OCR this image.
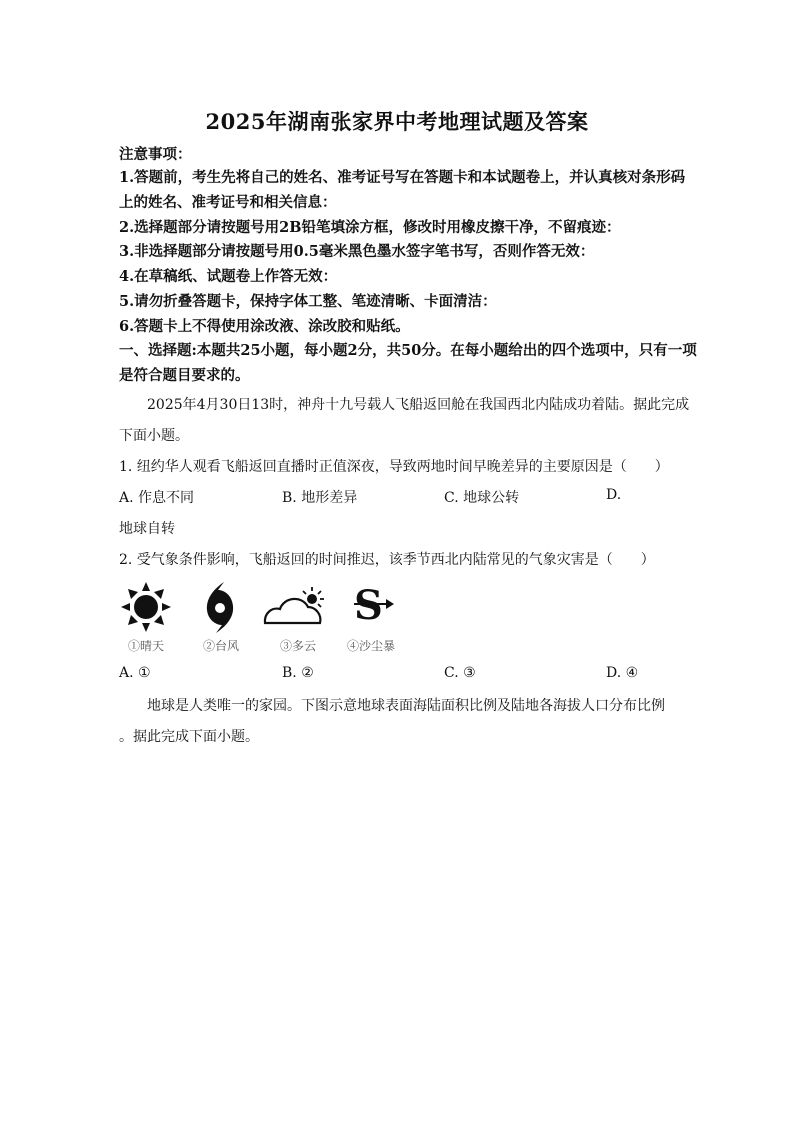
2025年湖南张家界中考地理试题及答案
注意事项：
1.答题前，考生先将自己的姓名、准考证号写在答题卡和本试题卷上，并认真核对条形码
上的姓名、准考证号和相关信息：
2.选择题部分请按题号用2B铅笔填涂方框，修改时用橡皮擦干净，不留痕迹：
3.非选择题部分请按题号用0.5毫米黑色墨水签字笔书写，否则作答无效：
4.在草稿纸、试题卷上作答无效：
5.请勿折叠答题卡，保持字体工整、笔迹清晰、卡面清洁：
6.答题卡上不得使用涂改液、涂改胶和贴纸。
一、选择题:本题共25小题，每小题2分，共50分。在每小题给出的四个选项中，只有一项
是符合题目要求的。
2025年4月30日13时，神舟十九号载人飞船返回舱在我国西北内陆成功着陆。据此完成
下面小题。
1. 纽约华人观看飞船返回直播时正值深夜，导致两地时间早晚差异的主要原因是（　　）
A. 作息不同	B. 地形差异	C. 地球公转	D.
地球自转
2. 受气象条件影响，飞船返回的时间推迟，该季节西北内陆常见的气象灾害是（　　）
①晴天	②台风	③多云
S
④沙尘暴
A. ①	B. ②	C. ③	D. ④
地球是人类唯一的家园。下图示意地球表面海陆面积比例及陆地各海拔人口分布比例
。据此完成下面小题。
